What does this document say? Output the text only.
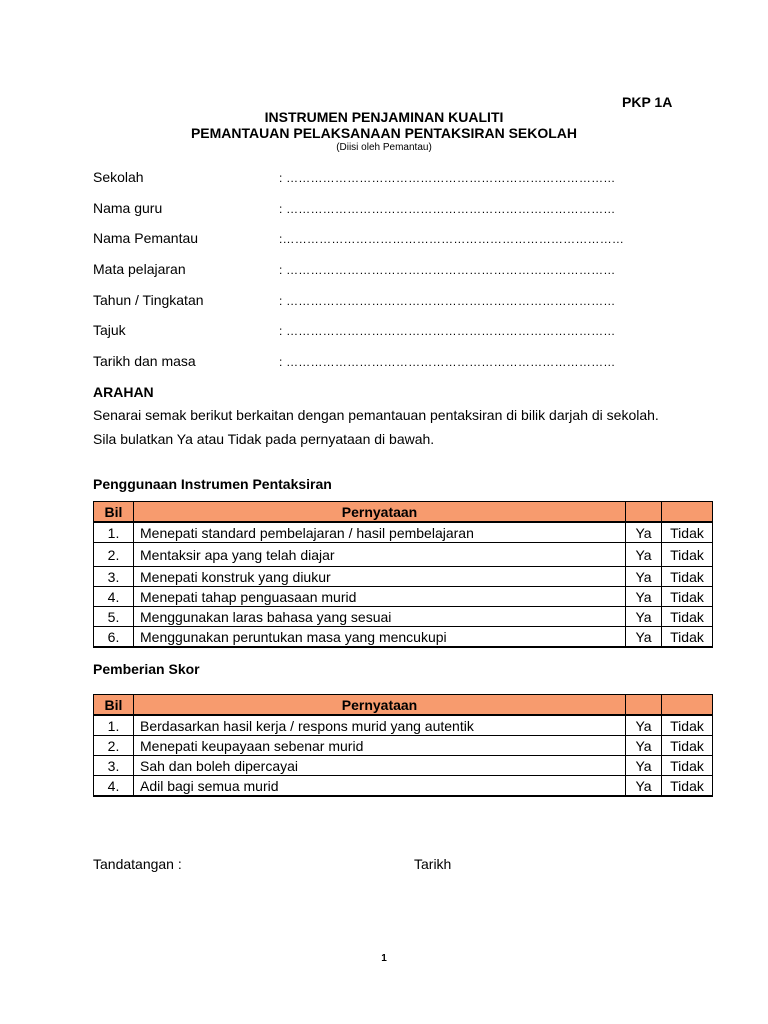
PKP 1A
INSTRUMEN PENJAMINAN KUALITI
PEMANTAUAN PELAKSANAAN PENTAKSIRAN SEKOLAH
(Diisi oleh Pemantau)
Sekolah	: ………………………………………………………………………
Nama guru	: ………………………………………………………………………
Nama Pemantau	:…………………………………………………………………………
Mata pelajaran	: ………………………………………………………………………
Tahun / Tingkatan	: ………………………………………………………………………
Tajuk	: ………………………………………………………………………
Tarikh dan masa	: ………………………………………………………………………
ARAHAN
Senarai semak berikut berkaitan dengan pemantauan pentaksiran di bilik darjah di sekolah.
Sila bulatkan Ya atau Tidak pada pernyataan di bawah.
Penggunaan Instrumen Pentaksiran
Bil	Pernyataan		
1.	Menepati standard pembelajaran / hasil pembelajaran	Ya	Tidak
2.	Mentaksir apa yang telah diajar	Ya	Tidak
3.	Menepati konstruk yang diukur	Ya	Tidak
4.	Menepati tahap penguasaan murid	Ya	Tidak
5.	Menggunakan laras bahasa yang sesuai	Ya	Tidak
6.	Menggunakan peruntukan masa yang mencukupi	Ya	Tidak
Pemberian Skor
Bil	Pernyataan		
1.	Berdasarkan hasil kerja / respons murid yang autentik	Ya	Tidak
2.	Menepati keupayaan sebenar murid	Ya	Tidak
3.	Sah dan boleh dipercayai	Ya	Tidak
4.	Adil bagi semua murid	Ya	Tidak
Tandatangan :	Tarikh
1
